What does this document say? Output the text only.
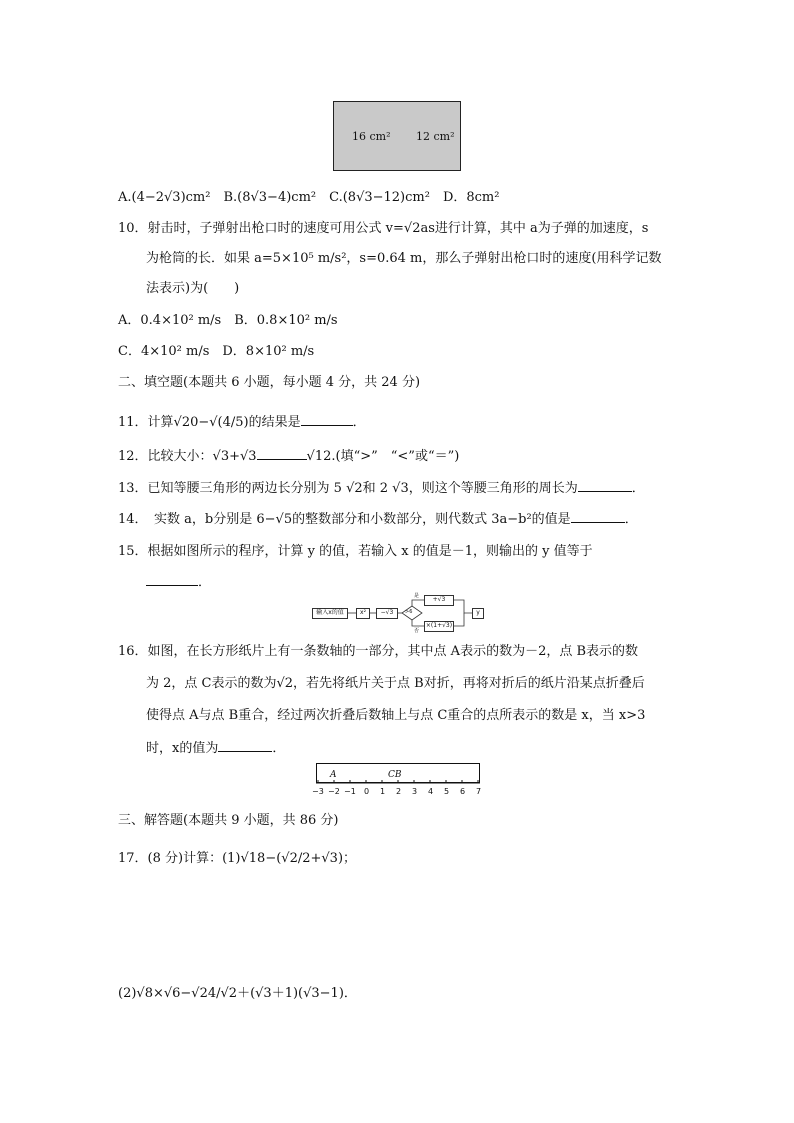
16 cm² 12 cm²
A.(4−2√3)cm²　B.(8√3−4)cm²　C.(8√3−12)cm²　D．8cm²
10．射击时，子弹射出枪口时的速度可用公式 v=√2as进行计算，其中 a为子弹的加速度，s
为枪筒的长．如果 a=5×10⁵ m/s²，s=0.64 m，那么子弹射出枪口时的速度(用科学记数
法表示)为(　　)
A．0.4×10² m/s　B．0.8×10² m/s
C．4×10² m/s　D．8×10² m/s
二、填空题(本题共 6 小题，每小题 4 分，共 24 分)
11．计算√20−√(4/5)的结果是	．
12．比较大小：√3+√3	√12.(填“>”　“<”或“＝”)
13．已知等腰三角形的两边长分别为 5 √2和 2 √3，则这个等腰三角形的周长为	．
14．　实数 a，b分别是 6−√5的整数部分和小数部分，则代数式 3a−b²的值是	．
15．根据如图所示的程序，计算 y 的值，若输入 x 的值是－1，则输出的 y 值等于
．
输入x的值	x²	−√3	>6
是
否
+√3
×(1+√3)
y
16．如图，在长方形纸片上有一条数轴的一部分，其中点 A表示的数为－2，点 B表示的数
为 2，点 C表示的数为√2，若先将纸片关于点 B对折，再将对折后的纸片沿某点折叠后
使得点 A与点 B重合，经过两次折叠后数轴上与点 C重合的点所表示的数是 x，当 x>3
时，x的值为	．
−3 −2 −1 0 1 2 3 4 5 6 7
A	CB
三、解答题(本题共 9 小题，共 86 分)
17．(8 分)计算：(1)√18−(√2/2+√3)；
(2)√8×√6−√24/√2＋(√3＋1)(√3−1)．
